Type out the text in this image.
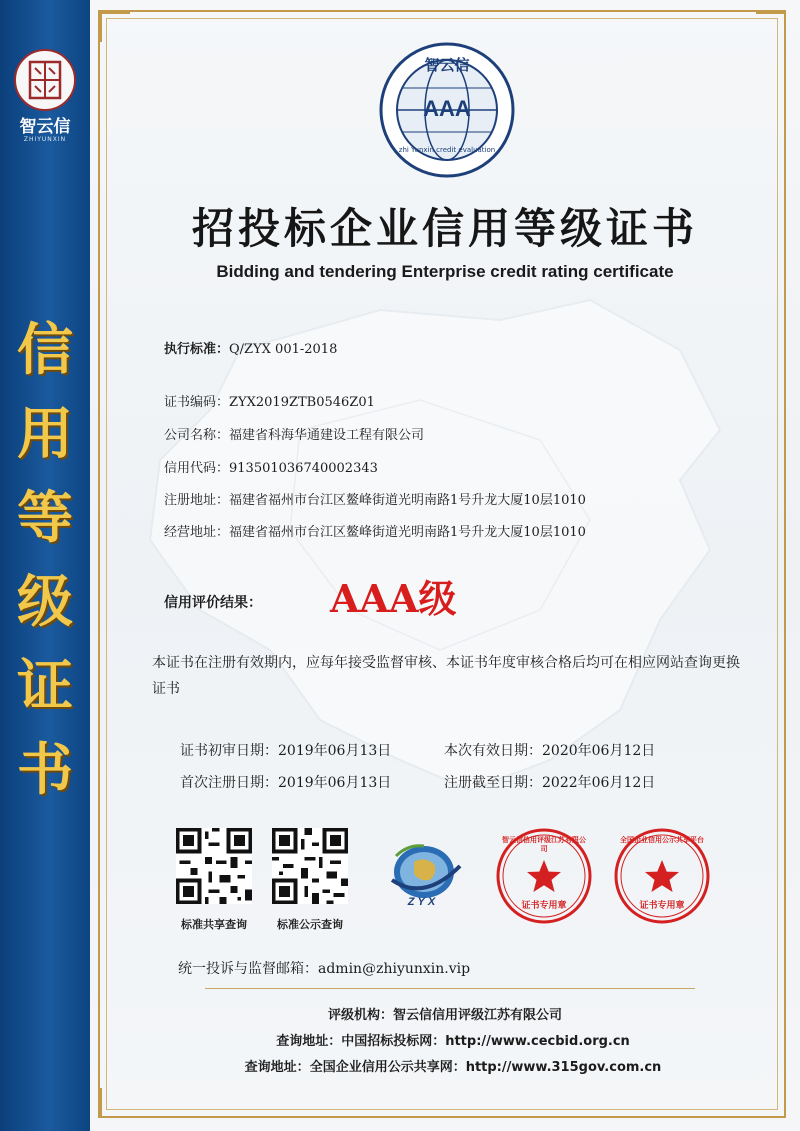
智云信
ZHIYUNXIN
信
用
等
级
证
书
智云信
AAA
zhi Yunxin credit evaluation
招投标企业信用等级证书
Bidding and tendering Enterprise credit rating certificate
执行标准：Q/ZYX 001-2018
证书编码：ZYX2019ZTB0546Z01
公司名称：福建省科海华通建设工程有限公司
信用代码：913501036740002343
注册地址：福建省福州市台江区鳌峰街道光明南路1号升龙大厦10层1010
经营地址：福建省福州市台江区鳌峰街道光明南路1号升龙大厦10层1010
信用评价结果： AAA级
本证书在注册有效期内，应每年接受监督审核、本证书年度审核合格后均可在相应网站查询更换证书
证书初审日期：2019年06月13日	本次有效日期：2020年06月12日
首次注册日期：2019年06月13日	注册截至日期：2022年06月12日
标准共享查询	标准公示查询
ZYX
智云信信用评级江苏有限公司
证书专用章
全国企业信用公示共享平台
证书专用章
统一投诉与监督邮箱：admin@zhiyunxin.vip
评级机构：智云信信用评级江苏有限公司
查询地址：中国招标投标网：http://www.cecbid.org.cn
查询地址：全国企业信用公示共享网：http://www.315gov.com.cn
